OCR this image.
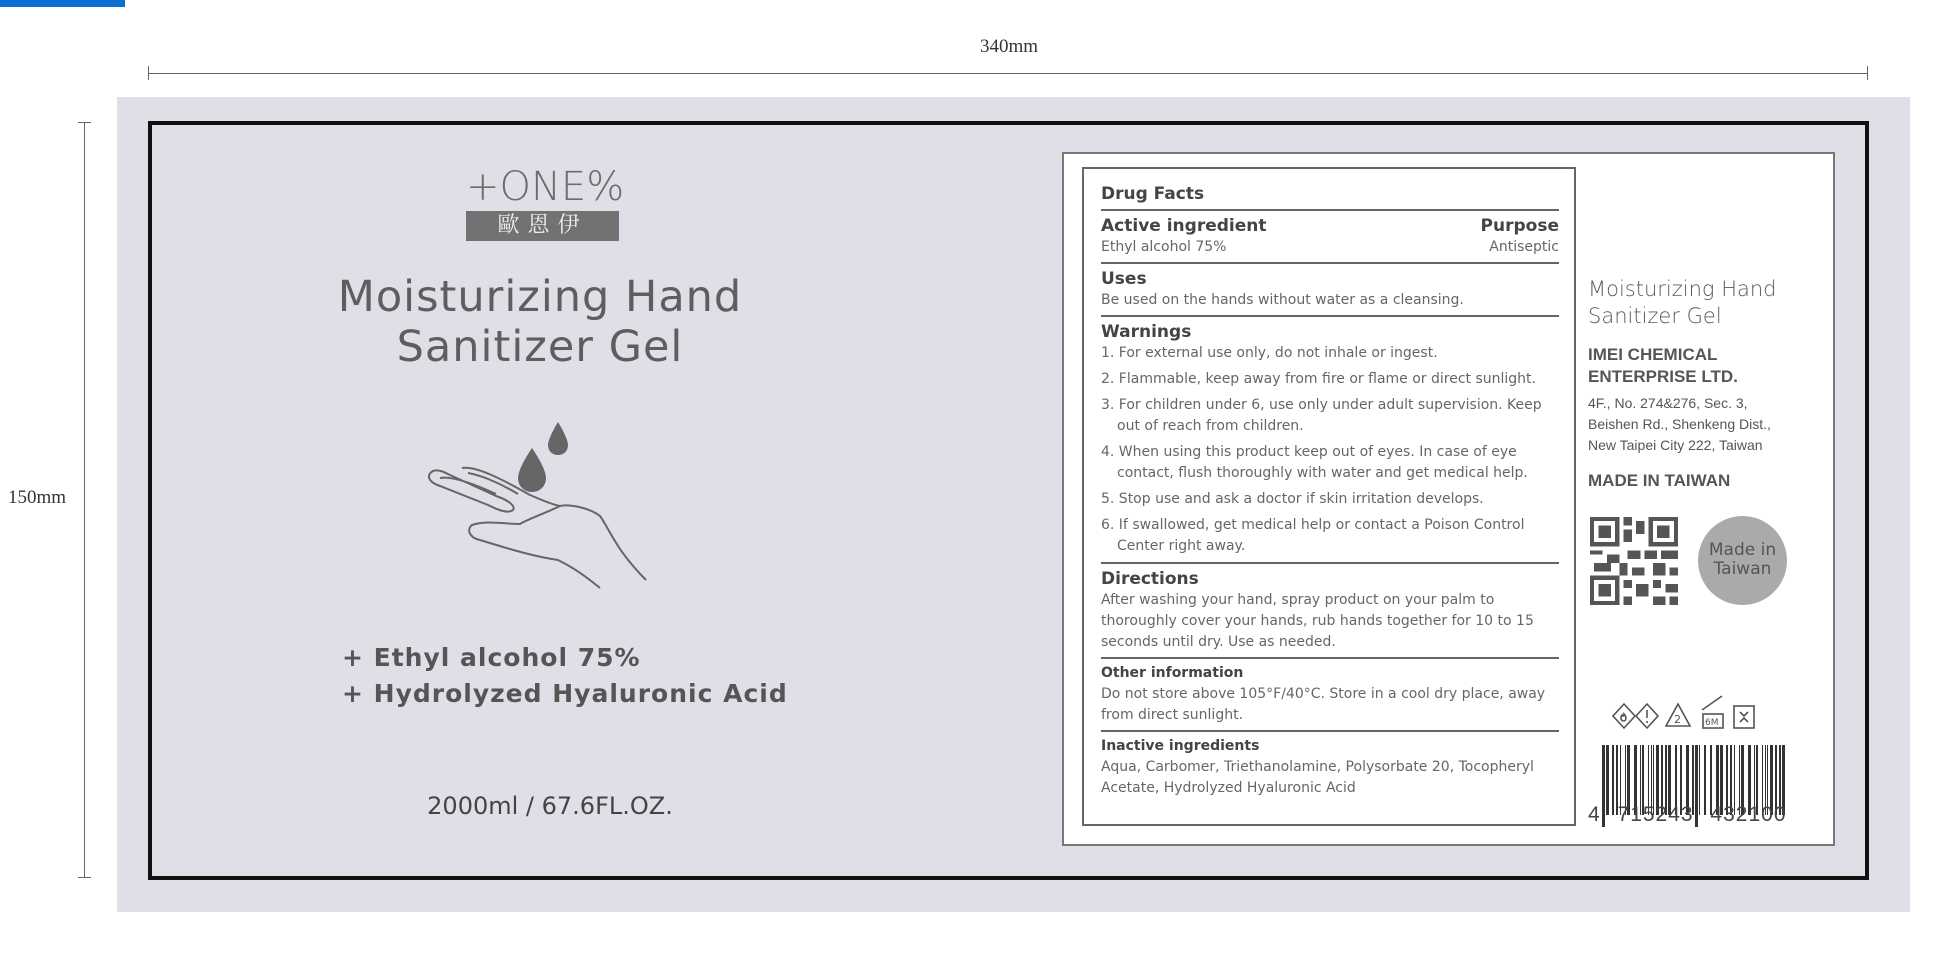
340mm
150mm
+ONE%
歐恩伊
Moisturizing Hand
Sanitizer Gel
+ Ethyl alcohol 75%
+ Hydrolyzed Hyaluronic Acid
2000ml / 67.6FL.OZ.
Drug Facts
Active ingredient	Purpose

Ethyl alcohol 75%	Antiseptic

Uses

Be used on the hands without water as a cleansing.

Warnings
1. For external use only, do not inhale or ingest.
2. Flammable, keep away from fire or flame or direct sunlight.
3. For children under 6, use only under adult supervision. Keep out of reach from children.
4. When using this product keep out of eyes. In case of eye contact, flush thoroughly with water and get medical help.
5. Stop use and ask a doctor if skin irritation develops.
6. If swallowed, get medical help or contact a Poison Control Center right away.
Directions

After washing your hand, spray product on your palm to thoroughly cover your hands, rub hands together for 10 to 15 seconds until dry. Use as needed.

Other information

Do not store above 105°F/40°C. Store in a cool dry place, away from direct sunlight.

Inactive ingredients

Aqua, Carbomer, Triethanolamine, Polysorbate 20, Tocopheryl Acetate, Hydrolyzed Hyaluronic Acid

Moisturizing Hand
Sanitizer Gel
IMEI CHEMICAL
ENTERPRISE LTD.
4F., No. 274&276, Sec. 3,
Beishen Rd., Shenkeng Dist.,
New Taipei City 222, Taiwan
MADE IN TAIWAN
Made in
Taiwan
2	6M
4 715243 432100
